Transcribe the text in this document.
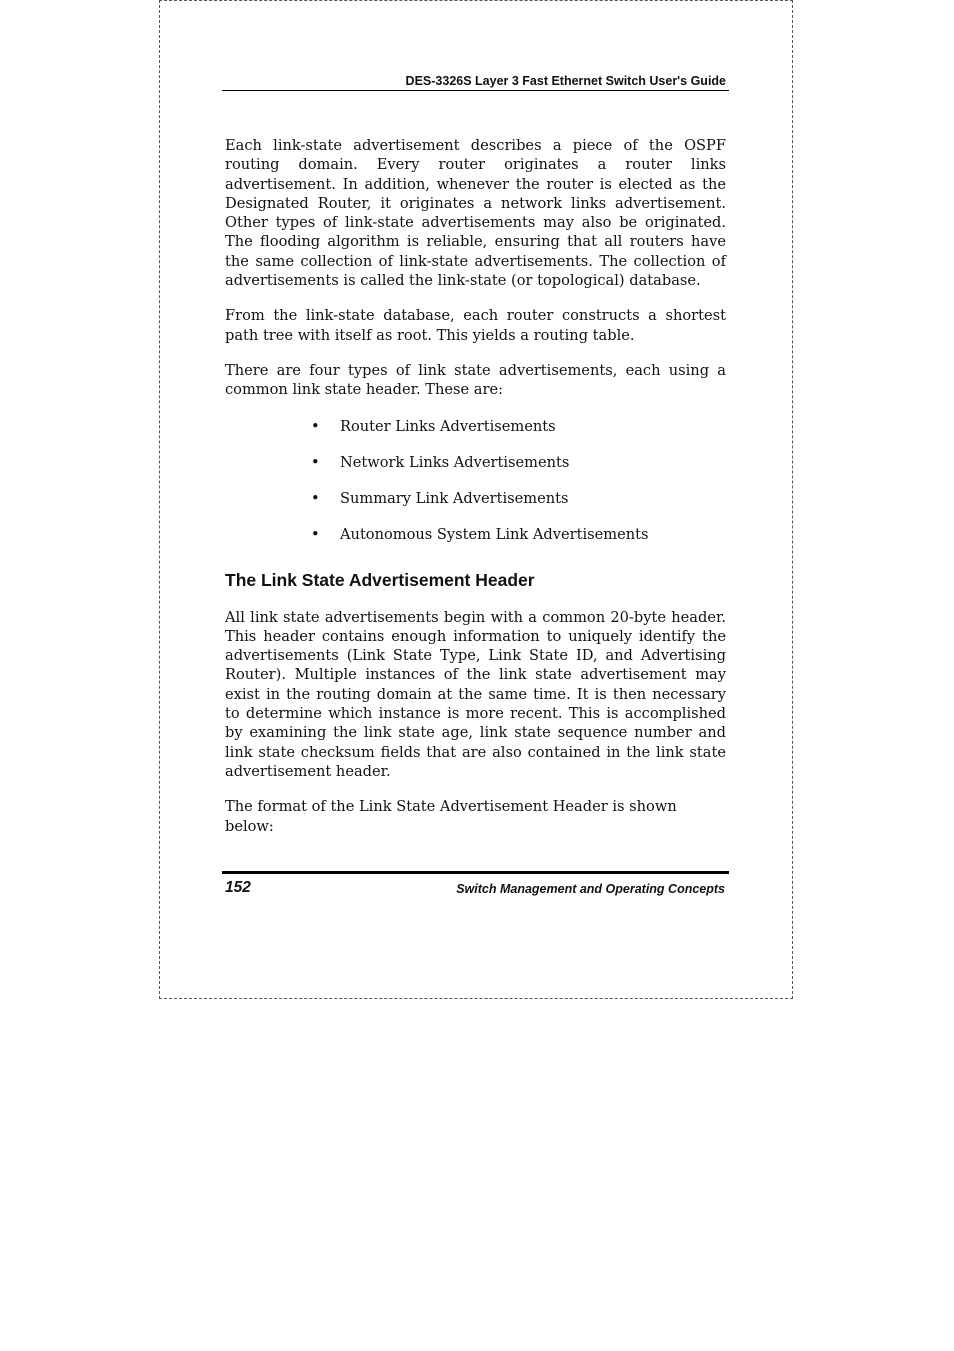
DES-3326S Layer 3 Fast Ethernet Switch User's Guide

Each link-state advertisement describes a piece of the OSPF routing domain. Every router originates a router links advertisement. In addition, whenever the router is elected as the Designated Router, it originates a network links advertisement. Other types of link-state advertisements may also be originated. The flooding algorithm is reliable, ensuring that all routers have the same collection of link-state advertisements. The collection of advertisements is called the link-state (or topological) database.

From the link-state database, each router constructs a shortest path tree with itself as root. This yields a routing table.

There are four types of link state advertisements, each using a common link state header. These are:

• Router Links Advertisements
• Network Links Advertisements
• Summary Link Advertisements
• Autonomous System Link Advertisements
The Link State Advertisement Header

All link state advertisements begin with a common 20-byte header. This header contains enough information to uniquely identify the advertisements (Link State Type, Link State ID, and Advertising Router). Multiple instances of the link state advertisement may exist in the routing domain at the same time. It is then necessary to determine which instance is more recent. This is accomplished by examining the link state age, link state sequence number and link state checksum fields that are also contained in the link state advertisement header.

The format of the Link State Advertisement Header is shown below:

152	Switch Management and Operating Concepts
